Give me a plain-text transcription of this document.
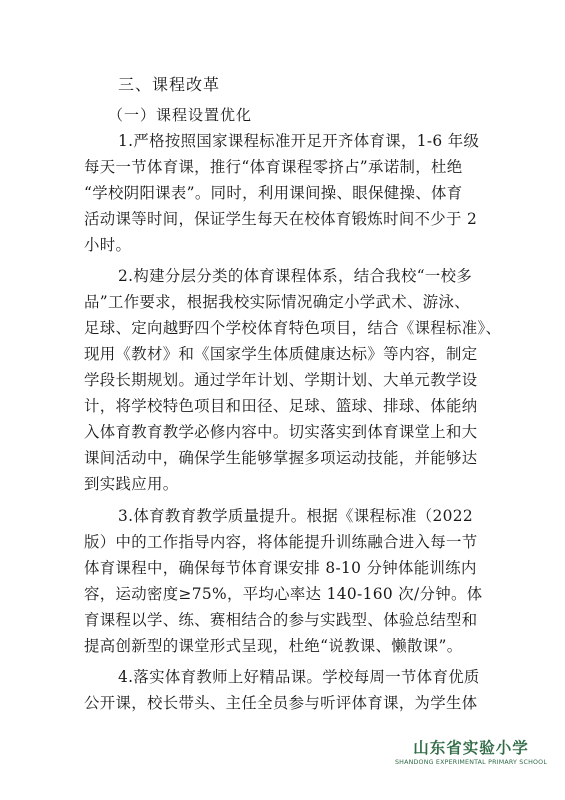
三、课程改革
（一）课程设置优化
1.严格按照国家课程标准开足开齐体育课，1-6 年级
每天一节体育课，推行“体育课程零挤占”承诺制，杜绝
“学校阴阳课表”。同时，利用课间操、眼保健操、体育
活动课等时间，保证学生每天在校体育锻炼时间不少于 2
小时。
2.构建分层分类的体育课程体系，结合我校“一校多
品”工作要求，根据我校实际情况确定小学武术、游泳、
足球、定向越野四个学校体育特色项目，结合《课程标准》、
现用《教材》和《国家学生体质健康达标》等内容，制定
学段长期规划。通过学年计划、学期计划、大单元教学设
计，将学校特色项目和田径、足球、篮球、排球、体能纳
入体育教育教学必修内容中。切实落实到体育课堂上和大
课间活动中，确保学生能够掌握多项运动技能，并能够达
到实践应用。
3.体育教育教学质量提升。根据《课程标准（2022
版）中的工作指导内容，将体能提升训练融合进入每一节
体育课程中，确保每节体育课安排 8-10 分钟体能训练内
容，运动密度≥75%，平均心率达 140-160 次/分钟。体
育课程以学、练、赛相结合的参与实践型、体验总结型和
提高创新型的课堂形式呈现，杜绝“说教课、懒散课”。
4.落实体育教师上好精品课。学校每周一节体育优质
公开课，校长带头、主任全员参与听评体育课，为学生体
山东省实验小学
SHANDONG EXPERIMENTAL PRIMARY SCHOOL
